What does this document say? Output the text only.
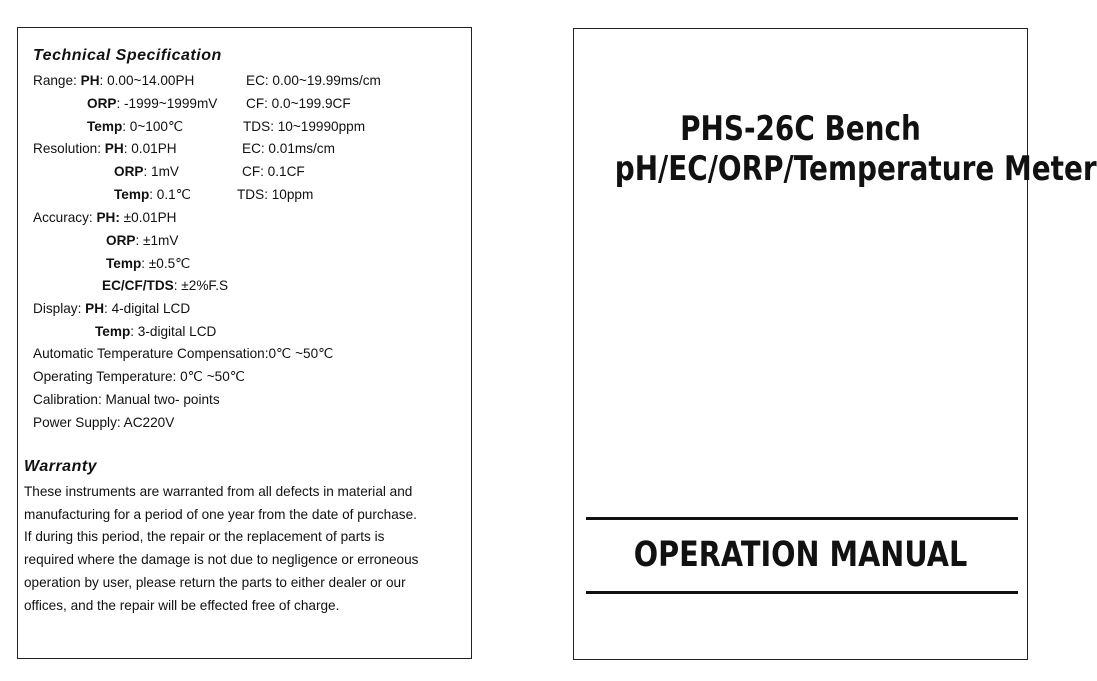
Technical Specification
Range: PH: 0.00~14.00PH	EC: 0.00~19.99ms/cm
ORP: -1999~1999mV CF: 0.0~199.9CF
Temp: 0~100℃	TDS: 10~19990ppm
Resolution: PH: 0.01PH	EC: 0.01ms/cm
ORP: 1mV	CF: 0.1CF
Temp: 0.1℃	TDS: 10ppm
Accuracy: PH: ±0.01PH
ORP: ±1mV
Temp: ±0.5℃
EC/CF/TDS: ±2%F.S
Display: PH: 4-digital LCD
Temp: 3-digital LCD
Automatic Temperature Compensation:0℃ ~50℃
Operating Temperature: 0℃ ~50℃
Calibration: Manual two- points
Power Supply: AC220V
Warranty
These instruments are warranted from all defects in material and
manufacturing for a period of one year from the date of purchase.
If during this period, the repair or the replacement of parts is
required where the damage is not due to negligence or erroneous
operation by user, please return the parts to either dealer or our
offices, and the repair will be effected free of charge.
PHS-26C Bench
pH/EC/ORP/Temperature Meter
OPERATION MANUAL
